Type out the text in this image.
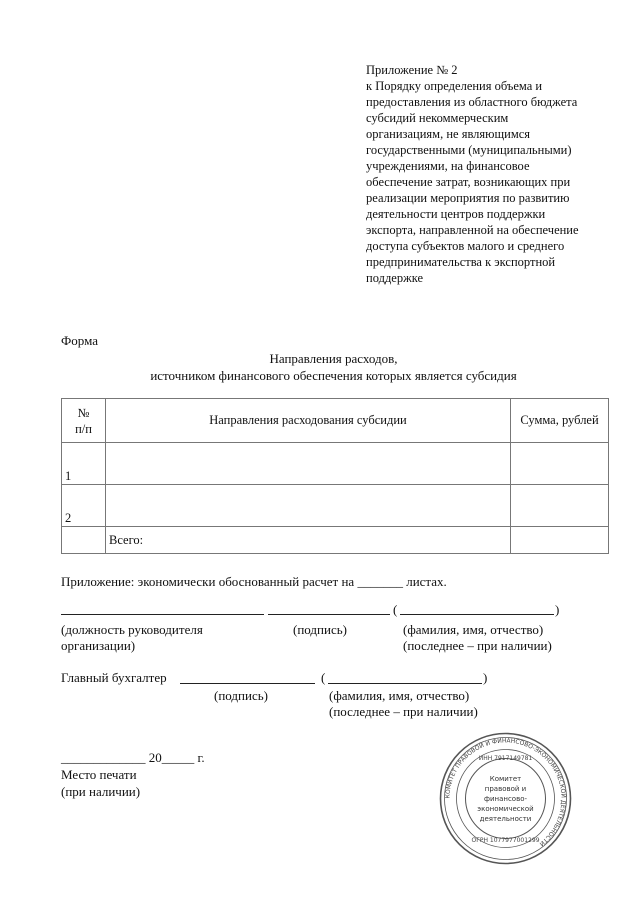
Приложение № 2
к Порядку определения объема и
предоставления из областного бюджета
субсидий некоммерческим
организациям, не являющимся
государственными (муниципальными)
учреждениями, на финансовое
обеспечение затрат, возникающих при
реализации мероприятия по развитию
деятельности центров поддержки
экспорта, направленной на обеспечение
доступа субъектов малого и среднего
предпринимательства к экспортной
поддержке
Форма
Направления расходов,
источником финансового обеспечения которых является субсидия
№
п/п	Направления расходования субсидии	Сумма, рублей
1		
2		
	Всего:	
Приложение: экономически обоснованный расчет на _______ листах.
(	)
(должность руководителя
организации)
(подпись)	(фамилия, имя, отчество)
(последнее – при наличии)
Главный бухгалтер	(	)
(подпись)	(фамилия, имя, отчество)
(последнее – при наличии)
_____________ 20_____ г.
Место печати
(при наличии)	КОМИТЕТ ПРАВОВОЙ И ФИНАНСОВО-ЭКОНОМИЧЕСКОЙ ДЕЯТЕЛЬНОСТИ
ИНН 7917149781
ОГРН 1077977001299
Комитет
правовой и
финансово-
экономической
деятельности
